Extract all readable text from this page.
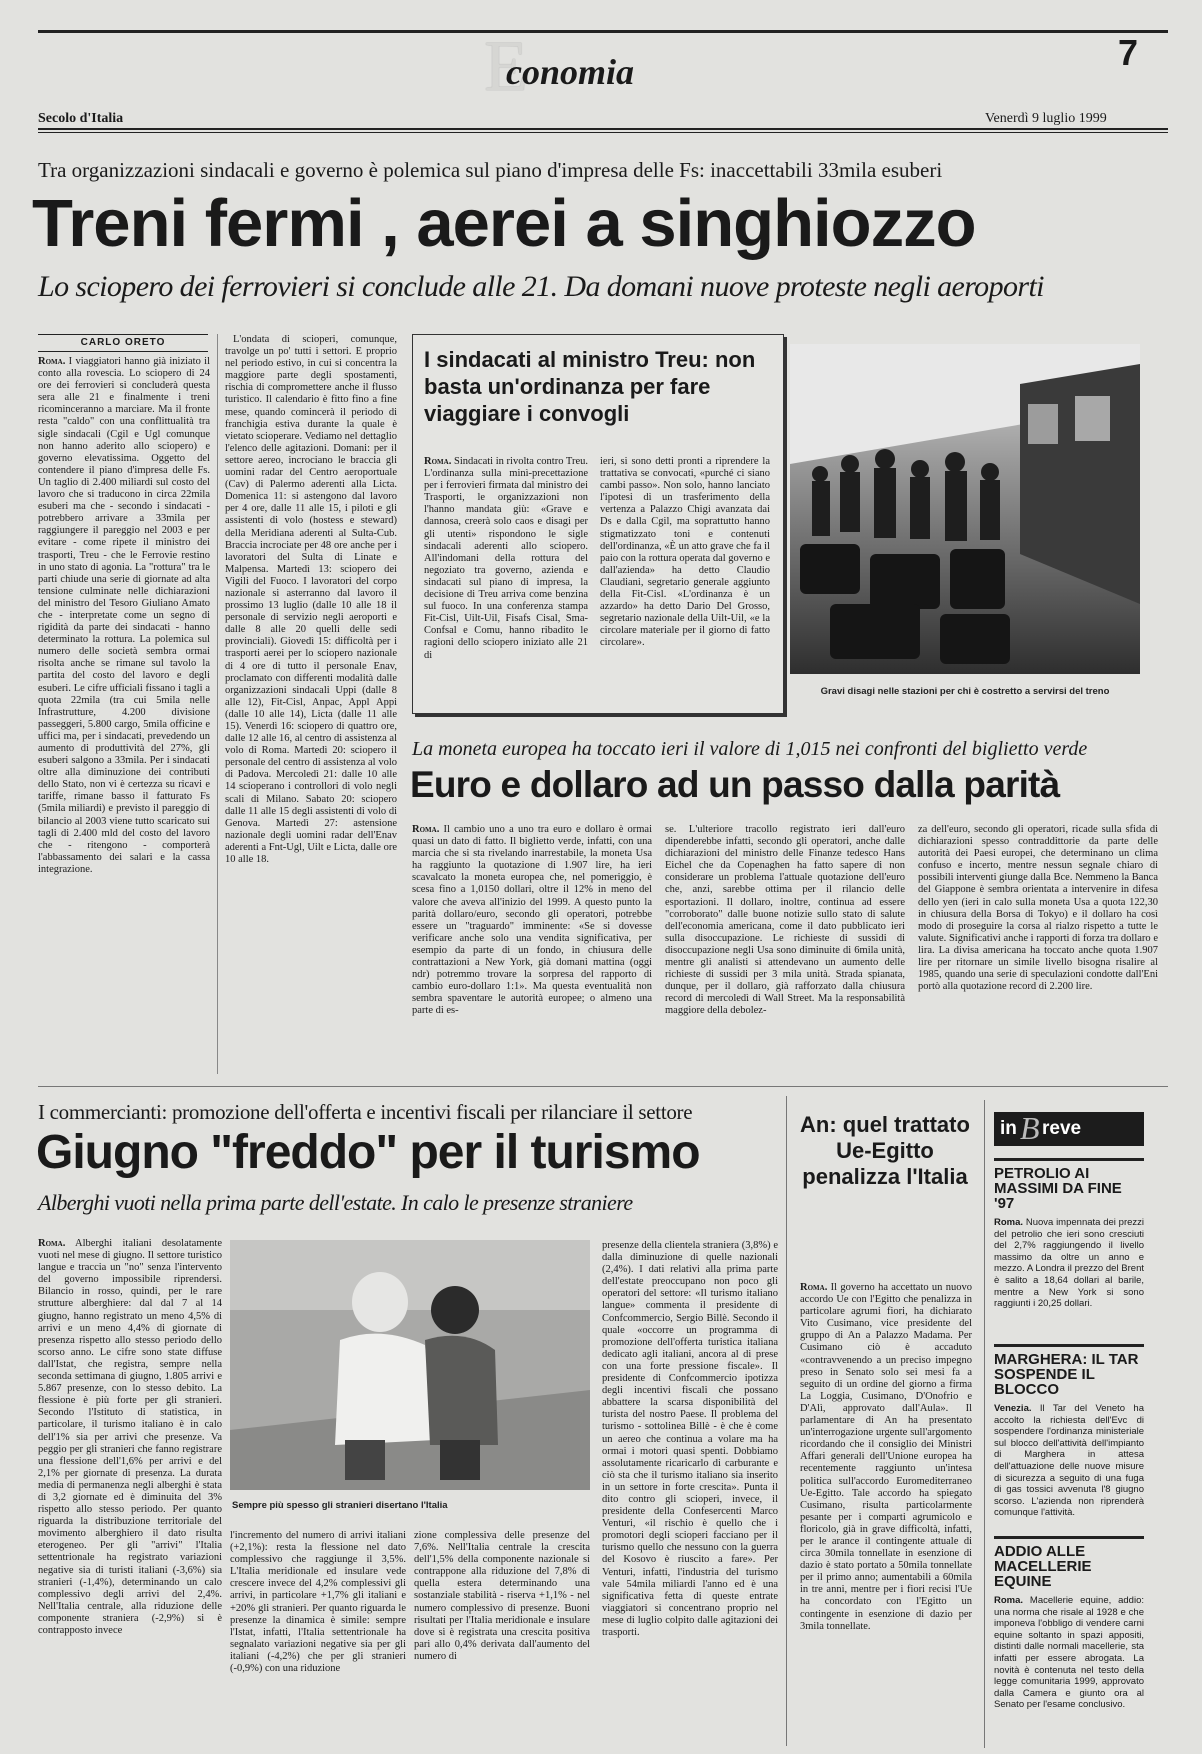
Economia	7
Secolo d'Italia	Venerdì 9 luglio 1999
Tra organizzazioni sindacali e governo è polemica sul piano d'impresa delle Fs: inaccettabili 33mila esuberi
Treni fermi , aerei a singhiozzo
Lo sciopero dei ferrovieri si conclude alle 21. Da domani nuove proteste negli aeroporti
CARLO ORETO

Roma. I viaggiatori hanno già iniziato il conto alla rovescia. Lo sciopero di 24 ore dei ferrovieri si concluderà questa sera alle 21 e finalmente i treni ricominceranno a marciare. Ma il fronte resta "caldo" con una conflittualità tra sigle sindacali (Cgil e Ugl comunque non hanno aderito allo sciopero) e governo elevatissima. Oggetto del contendere il piano d'impresa delle Fs. Un taglio di 2.400 miliardi sul costo del lavoro che si traducono in circa 22mila esuberi ma che - secondo i sindacati - potrebbero arrivare a 33mila per raggiungere il pareggio nel 2003 e per evitare - come ripete il ministro dei trasporti, Treu - che le Ferrovie restino in uno stato di agonia. La "rottura" tra le parti chiude una serie di giornate ad alta tensione culminate nelle dichiarazioni del ministro del Tesoro Giuliano Amato che - interpretate come un segno di rigidità da parte dei sindacati - hanno determinato la rottura. La polemica sul numero delle società sembra ormai risolta anche se rimane sul tavolo la partita del costo del lavoro e degli esuberi. Le cifre ufficiali fissano i tagli a quota 22mila (tra cui 5mila nelle Infrastrutture, 4.200 divisione passeggeri, 5.800 cargo, 5mila officine e uffici ma, per i sindacati, prevedendo un aumento di produttività del 27%, gli esuberi salgono a 33mila. Per i sindacati oltre alla diminuzione dei contributi dello Stato, non vi è certezza su ricavi e tariffe, rimane basso il fatturato Fs (5mila miliardi) e previsto il pareggio di bilancio al 2003 viene tutto scaricato sui tagli di 2.400 mld del costo del lavoro che - ritengono - comporterà l'abbassamento dei salari e la cassa integrazione.

L'ondata di scioperi, comunque, travolge un po' tutti i settori. E proprio nel periodo estivo, in cui si concentra la maggiore parte degli spostamenti, rischia di compromettere anche il flusso turistico. Il calendario è fitto fino a fine mese, quando comincerà il periodo di franchigia estiva durante la quale è vietato scioperare. Vediamo nel dettaglio l'elenco delle agitazioni. Domani: per il settore aereo, incrociano le braccia gli uomini radar del Centro aeroportuale (Cav) di Palermo aderenti alla Licta. Domenica 11: si astengono dal lavoro per 4 ore, dalle 11 alle 15, i piloti e gli assistenti di volo (hostess e steward) della Meridiana aderenti al Sulta-Cub. Braccia incrociate per 48 ore anche per i lavoratori del Sulta di Linate e Malpensa. Martedì 13: sciopero dei Vigili del Fuoco. I lavoratori del corpo nazionale si asterranno dal lavoro il prossimo 13 luglio (dalle 10 alle 18 il personale di servizio negli aeroporti e dalle 8 alle 20 quelli delle sedi provinciali). Giovedì 15: difficoltà per i trasporti aerei per lo sciopero nazionale di 4 ore di tutto il personale Enav, proclamato con differenti modalità dalle organizzazioni sindacali Uppi (dalle 8 alle 12), Fit-Cisl, Anpac, Appl Appi (dalle 10 alle 14), Licta (dalle 11 alle 15). Venerdì 16: sciopero di quattro ore, dalle 12 alle 16, al centro di assistenza al volo di Roma. Martedì 20: sciopero il personale del centro di assistenza al volo di Padova. Mercoledì 21: dalle 10 alle 14 scioperano i controllori di volo negli scali di Milano. Sabato 20: sciopero dalle 11 alle 15 degli assistenti di volo di Genova. Martedì 27: astensione nazionale degli uomini radar dell'Enav aderenti a Fnt-Ugl, Uilt e Licta, dalle ore 10 alle 18.

I sindacati al ministro Treu: non basta un'ordinanza per fare viaggiare i convogli

Roma. Sindacati in rivolta contro Treu. L'ordinanza sulla minì-precettazione per i ferrovieri firmata dal ministro dei Trasporti, le organizzazioni non l'hanno mandata giù: «Grave e dannosa, creerà solo caos e disagi per gli utenti» rispondono le sigle sindacali aderenti allo sciopero. All'indomani della rottura del negoziato tra governo, azienda e sindacati sul piano di impresa, la decisione di Treu arriva come benzina sul fuoco. In una conferenza stampa Fit-Cisl, Uilt-Uil, Fisafs Cisal, Sma-Confsal e Comu, hanno ribadito le ragioni dello sciopero iniziato alle 21 di

ieri, si sono detti pronti a riprendere la trattativa se convocati, «purché ci siano cambi passo». Non solo, hanno lanciato l'ipotesi di un trasferimento della vertenza a Palazzo Chigi avanzata dai Ds e dalla Cgil, ma soprattutto hanno stigmatizzato toni e contenuti dell'ordinanza, «È un atto grave che fa il paio con la rottura operata dal governo e dall'azienda» ha detto Claudio Claudiani, segretario generale aggiunto della Fit-Cisl. «L'ordinanza è un azzardo» ha detto Dario Del Grosso, segretario nazionale della Uilt-Uil, «e la circolare materiale per il giorno di fatto circolare».

Gravi disagi nelle stazioni per chi è costretto a servirsi del treno
La moneta europea ha toccato ieri il valore di 1,015 nei confronti del biglietto verde
Euro e dollaro ad un passo dalla parità

Roma. Il cambio uno a uno tra euro e dollaro è ormai quasi un dato di fatto. Il biglietto verde, infatti, con una marcia che si sta rivelando inarrestabile, la moneta Usa ha raggiunto la quotazione di 1.907 lire, ha ieri scavalcato la moneta europea che, nel pomeriggio, è scesa fino a 1,0150 dollari, oltre il 12% in meno del valore che aveva all'inizio del 1999. A questo punto la parità dollaro/euro, secondo gli operatori, potrebbe essere un "traguardo" imminente: «Se si dovesse verificare anche solo una vendita significativa, per esempio da parte di un fondo, in chiusura delle contrattazioni a New York, già domani mattina (oggi ndr) potremmo trovare la sorpresa del rapporto di cambio euro-dollaro 1:1». Ma questa eventualità non sembra spaventare le autorità europee; o almeno una parte di es-

se. L'ulteriore tracollo registrato ieri dall'euro dipenderebbe infatti, secondo gli operatori, anche dalle dichiarazioni del ministro delle Finanze tedesco Hans Eichel che da Copenaghen ha fatto sapere di non considerare un problema l'attuale quotazione dell'euro che, anzi, sarebbe ottima per il rilancio delle esportazioni. Il dollaro, inoltre, continua ad essere "corroborato" dalle buone notizie sullo stato di salute dell'economia americana, come il dato pubblicato ieri sulla disoccupazione. Le richieste di sussidi di disoccupazione negli Usa sono diminuite di 6mila unità, mentre gli analisti si attendevano un aumento delle richieste di sussidi per 3 mila unità. Strada spianata, dunque, per il dollaro, già rafforzato dalla chiusura record di mercoledì di Wall Street. Ma la responsabilità maggiore della debolez-

za dell'euro, secondo gli operatori, ricade sulla sfida di dichiarazioni spesso contraddittorie da parte delle autorità dei Paesi europei, che determinano un clima confuso e incerto, mentre nessun segnale chiaro di possibili interventi giunge dalla Bce. Nemmeno la Banca del Giappone è sembra orientata a intervenire in difesa dello yen (ieri in calo sulla moneta Usa a quota 122,30 in chiusura della Borsa di Tokyo) e il dollaro ha così modo di proseguire la corsa al rialzo rispetto a tutte le valute. Significativi anche i rapporti di forza tra dollaro e lira. La divisa americana ha toccato anche quota 1.907 lire per ritornare un simile livello bisogna risalire al 1985, quando una serie di speculazioni condotte dall'Eni portò alla quotazione record di 2.200 lire.

I commercianti: promozione dell'offerta e incentivi fiscali per rilanciare il settore
Giugno "freddo" per il turismo
Alberghi vuoti nella prima parte dell'estate. In calo le presenze straniere

Roma. Alberghi italiani desolatamente vuoti nel mese di giugno. Il settore turistico langue e traccia un "no" senza l'intervento del governo impossibile riprendersi. Bilancio in rosso, quindi, per le rare strutture alberghiere: dal dal 7 al 14 giugno, hanno registrato un meno 4,5% di arrivi e un meno 4,4% di giornate di presenza rispetto allo stesso periodo dello scorso anno. Le cifre sono state diffuse dall'Istat, che registra, sempre nella seconda settimana di giugno, 1.805 arrivi e 5.867 presenze, con lo stesso debito. La flessione è più forte per gli stranieri. Secondo l'Istituto di statistica, in particolare, il turismo italiano è in calo dell'1% sia per arrivi che presenze. Va peggio per gli stranieri che fanno registrare una flessione dell'1,6% per arrivi e del 2,1% per giornate di presenza. La durata media di permanenza negli alberghi è stata di 3,2 giornate ed è diminuita del 3% rispetto allo stesso periodo. Per quanto riguarda la distribuzione territoriale del movimento alberghiero il dato risulta eterogeneo. Per gli "arrivi" l'Italia settentrionale ha registrato variazioni negative sia di turisti italiani (-3,6%) sia stranieri (-1,4%), determinando un calo complessivo degli arrivi del 2,4%. Nell'Italia centrale, alla riduzione delle componente straniera (-2,9%) si è contrapposto invece

Sempre più spesso gli stranieri disertano l'Italia

l'incremento del numero di arrivi italiani (+2,1%): resta la flessione nel dato complessivo che raggiunge il 3,5%. L'Italia meridionale ed insulare vede crescere invece del 4,2% complessivi gli arrivi, in particolare +1,7% gli italiani e +20% gli stranieri. Per quanto riguarda le presenze la dinamica è simile: sempre l'Istat, infatti, l'Italia settentrionale ha segnalato variazioni negative sia per gli italiani (-4,2%) che per gli stranieri (-0,9%) con una riduzione

zione complessiva delle presenze del 7,6%. Nell'Italia centrale la crescita dell'1,5% della componente nazionale si contrappone alla riduzione del 7,8% di quella estera determinando una sostanziale stabilità - riserva +1,1% - nel numero complessivo di presenze. Buoni risultati per l'Italia meridionale e insulare dove si è registrata una crescita positiva pari allo 0,4% derivata dall'aumento del numero di

presenze della clientela straniera (3,8%) e dalla diminuzione di quelle nazionali (2,4%). I dati relativi alla prima parte dell'estate preoccupano non poco gli operatori del settore: «Il turismo italiano langue» commenta il presidente di Confcommercio, Sergio Billè. Secondo il quale «occorre un programma di promozione dell'offerta turistica italiana dedicato agli italiani, ancora al di prese con una forte pressione fiscale». Il presidente di Confcommercio ipotizza degli incentivi fiscali che possano abbattere la scarsa disponibilità del turista del nostro Paese. Il problema del turismo - sottolinea Billè - è che è come un aereo che continua a volare ma ha ormai i motori quasi spenti. Dobbiamo assolutamente ricaricarlo di carburante e ciò sta che il turismo italiano sia inserito in un settore in forte crescita». Punta il dito contro gli scioperi, invece, il presidente della Confesercenti Marco Venturi, «il rischio è quello che i promotori degli scioperi facciano per il turismo quello che nessuno con la guerra del Kosovo è riuscito a fare». Per Venturi, infatti, l'industria del turismo vale 54mila miliardi l'anno ed è una significativa fetta di queste entrate viaggiatori si concentrano proprio nel mese di luglio colpito dalle agitazioni dei trasporti.

An: quel trattato Ue-Egitto penalizza l'Italia

Roma. Il governo ha accettato un nuovo accordo Ue con l'Egitto che penalizza in particolare agrumi fiori, ha dichiarato Vito Cusimano, vice presidente del gruppo di An a Palazzo Madama. Per Cusimano ciò è accaduto «contravvenendo a un preciso impegno preso in Senato solo sei mesi fa a seguito di un ordine del giorno a firma La Loggia, Cusimano, D'Onofrio e D'Alì, approvato dall'Aula». Il parlamentare di An ha presentato un'interrogazione urgente sull'argomento ricordando che il consiglio dei Ministri Affari generali dell'Unione europea ha recentemente raggiunto un'intesa politica sull'accordo Euromediterraneo Ue-Egitto. Tale accordo ha spiegato Cusimano, risulta particolarmente pesante per i comparti agrumicolo e floricolo, già in grave difficoltà, infatti, per le arance il contingente attuale di circa 30mila tonnellate in esenzione di dazio è stato portato a 50mila tonnellate per il primo anno; aumentabili a 60mila in tre anni, mentre per i fiori recisi l'Ue ha concordato con l'Egitto un contingente in esenzione di dazio per 3mila tonnellate.

in B reve

PETROLIO AI MASSIMI DA FINE '97

Roma. Nuova impennata dei prezzi del petrolio che ieri sono cresciuti del 2,7% raggiungendo il livello massimo da oltre un anno e mezzo. A Londra il prezzo del Brent è salito a 18,64 dollari al barile, mentre a New York si sono raggiunti i 20,25 dollari.

MARGHERA: IL TAR SOSPENDE IL BLOCCO

Venezia. Il Tar del Veneto ha accolto la richiesta dell'Evc di sospendere l'ordinanza ministeriale sul blocco dell'attività dell'impianto di Marghera in attesa dell'attuazione delle nuove misure di sicurezza a seguito di una fuga di gas tossici avvenuta l'8 giugno scorso. L'azienda non riprenderà comunque l'attività.

ADDIO ALLE MACELLERIE EQUINE

Roma. Macellerie equine, addio: una norma che risale al 1928 e che imponeva l'obbligo di vendere carni equine soltanto in spazi appositi, distinti dalle normali macellerie, sta infatti per essere abrogata. La novità è contenuta nel testo della legge comunitaria 1999, approvato dalla Camera e giunto ora al Senato per l'esame conclusivo.
